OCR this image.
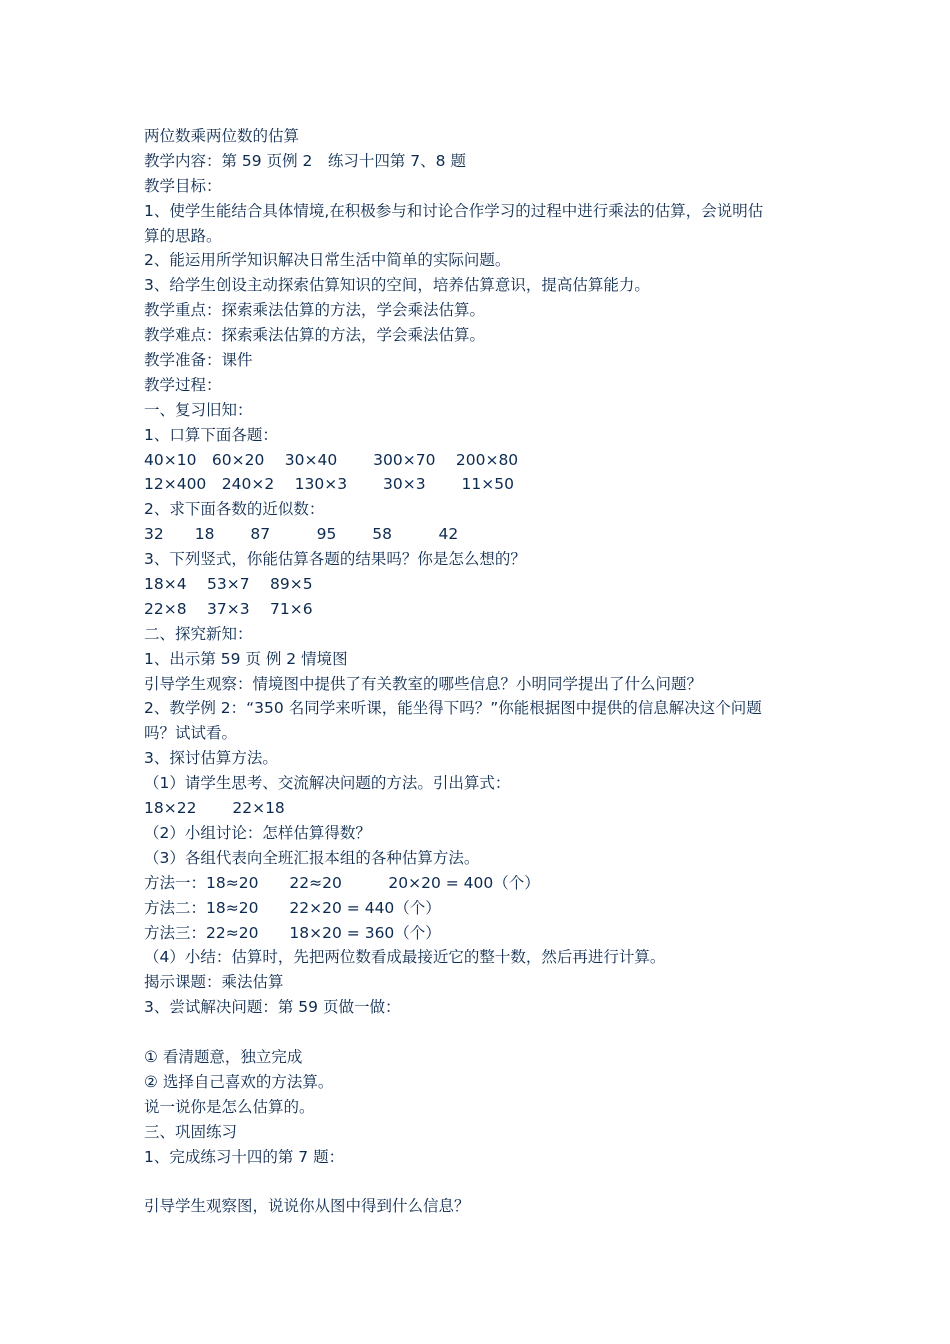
两位数乘两位数的估算
教学内容：第 59 页例 2　练习十四第 7、8 题
教学目标：
1、使学生能结合具体情境,在积极参与和讨论合作学习的过程中进行乘法的估算，会说明估
算的思路。
2、能运用所学知识解决日常生活中简单的实际问题。
3、给学生创设主动探索估算知识的空间，培养估算意识，提高估算能力。
教学重点：探索乘法估算的方法，学会乘法估算。
教学难点：探索乘法估算的方法，学会乘法估算。
教学准备：课件
教学过程：
一、复习旧知：
1、口算下面各题：
40×10　60×20　 30×40　　 300×70　 200×80
12×400　240×2　 130×3　　 30×3　　 11×50
2、求下面各数的近似数：
32　　18　　 87　　　95　　 58　　　42
3、下列竖式，你能估算各题的结果吗？你是怎么想的？
18×4　 53×7　 89×5
22×8　 37×3　 71×6
二、探究新知：
1、出示第 59 页 例 2 情境图
引导学生观察：情境图中提供了有关教室的哪些信息？小明同学提出了什么问题？
2、教学例 2：“350 名同学来听课，能坐得下吗？”你能根据图中提供的信息解决这个问题
吗？试试看。
3、探讨估算方法。
（1）请学生思考、交流解决问题的方法。引出算式：
18×22　　 22×18
（2）小组讨论：怎样估算得数？
（3）各组代表向全班汇报本组的各种估算方法。
方法一：18≈20　　22≈20　　　20×20 = 400（个）
方法二：18≈20　　22×20 = 440（个）
方法三：22≈20　　18×20 = 360（个）
（4）小结：估算时，先把两位数看成最接近它的整十数，然后再进行计算。
揭示课题：乘法估算
3、尝试解决问题：第 59 页做一做：
① 看清题意，独立完成
② 选择自己喜欢的方法算。
说一说你是怎么估算的。
三、巩固练习
1、完成练习十四的第 7 题：
引导学生观察图，说说你从图中得到什么信息？
